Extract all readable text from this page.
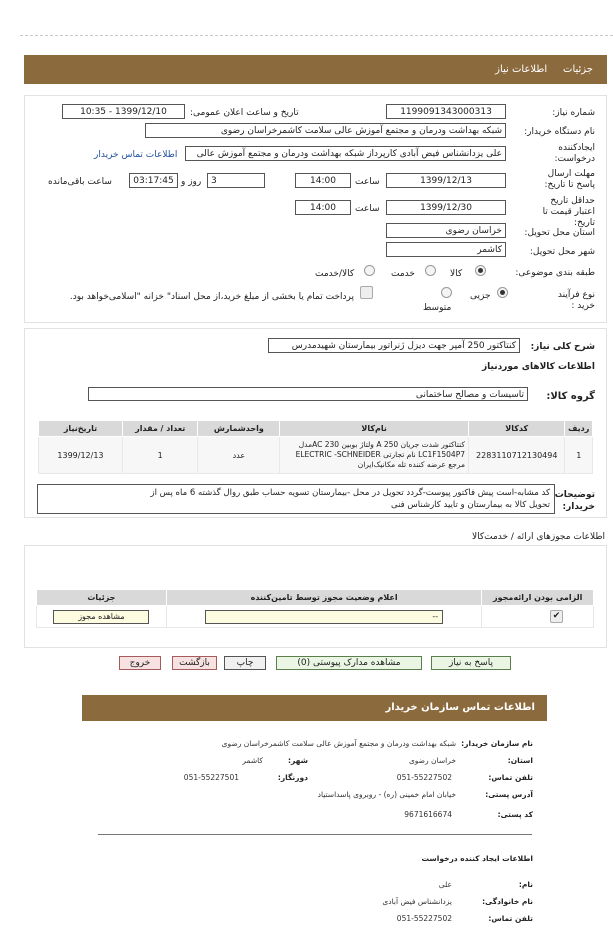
جزئیات     اطلاعات نیاز
شماره نیاز:
1199091343000313
تاریخ و ساعت اعلان عمومی:
1399/12/10 - 10:35
نام دستگاه خریدار:
شبکه بهداشت ودرمان و مجتمع آموزش عالی سلامت کاشمرخراسان رضوی
ایجادکننده درخواست:
علی یزدانشناس فیض آبادی کارپرداز شبکه بهداشت ودرمان و مجتمع آموزش عالی
اطلاعات تماس خریدار
مهلت ارسال پاسخ تا تاریخ:
1399/12/13
ساعت
14:00
3
روز و
03:17:45
ساعت باقی‌مانده
حداقل تاریخ اعتبار قیمت تا تاریخ:
1399/12/30
ساعت
14:00
استان محل تحویل:
خراسان رضوی
شهر محل تحویل:
کاشمر
طبقه بندی موضوعی:
کالا
خدمت
کالا/خدمت
نوع فرآیند خرید :
جزیی
متوسط
پرداخت تمام یا بخشی از مبلغ خرید،از محل اسناد" خزانه "اسلامی‌خواهد بود.
شرح کلی نیاز:
کنتاکتور 250 آمپر جهت دیزل ژنراتور بیمارستان شهیدمدرس
اطلاعات کالاهای موردنیاز
گروه کالا:
تاسیسات و مصالح ساختمانی
ردیف	کدکالا	نام‌کالا	واحدشمارش	تعداد / مقدار	تاریخ‌نیاز
1	2283110712130494	کنتاکتور شدت جریان 250 A ولتاژ بوبین 230 ACمدل
LC1F1504P7 نام تجارتی ELECTRIC -SCHNEIDER
مرجع عرضه کننده تله مکانیک‌ایران	عدد	1	1399/12/13
توضیحات خریدار:
کد مشابه-است پیش فاکتور پیوست-گردد تحویل در محل -بیمارستان تسویه حساب طبق روال گذشته 6 ماه پس از
تحویل کالا به بیمارستان و تایید کارشناس فنی
اطلاعات مجوزهای ارائه / خدمت‌کالا
الزامی بودن ارائه‌مجوز	اعلام وضعیت مجوز توسط تامین‌کننده	جزئیات
✔	--	مشاهده مجوز
پاسخ به نیاز
مشاهده مدارک پیوستی (0)
چاپ
بازگشت
خروج
اطلاعات تماس سازمان خریدار
نام سازمان خریدار:
شبکه بهداشت ودرمان و مجتمع آموزش عالی سلامت کاشمرخراسان رضوی
استان:
خراسان رضوی
شهر:
کاشمر
تلفن تماس:
051-55227502
دورنگار:
051-55227501
آدرس پستی:
خیابان امام خمینی (ره) - روبروی پاسداستیاد
کد پستی:
9671616674
اطلاعات ایجاد کننده درخواست
نام:
علی
نام خانوادگی:
یزدانشناس فیض آبادی
تلفن تماس:
051-55227502
